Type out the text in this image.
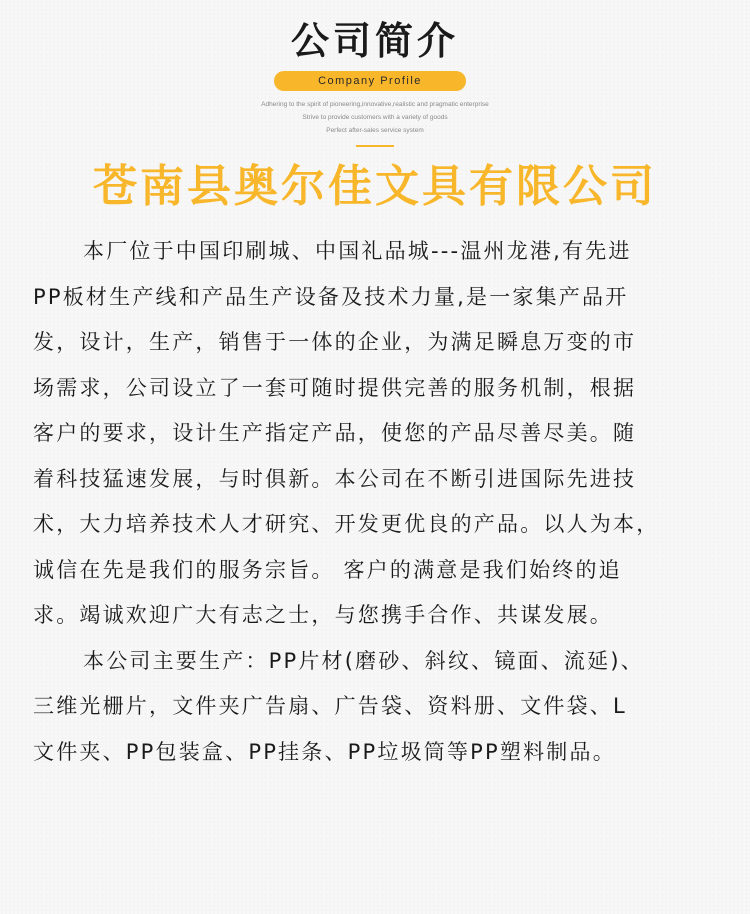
公司简介
Company Profile
Adhering to the spirit of pioneering,innovative,realistic and pragmatic enterprise
Strive to provide customers with a variety of goods
Perfect after-sales service system
苍南县奥尔佳文具有限公司
本厂位于中国印刷城、中国礼品城---温州龙港,有先进
PP板材生产线和产品生产设备及技术力量,是一家集产品开
发，设计，生产，销售于一体的企业，为满足瞬息万变的市
场需求，公司设立了一套可随时提供完善的服务机制，根据
客户的要求，设计生产指定产品，使您的产品尽善尽美。随
着科技猛速发展，与时俱新。本公司在不断引进国际先进技
术，大力培养技术人才研究、开发更优良的产品。以人为本，
诚信在先是我们的服务宗旨。 客户的满意是我们始终的追
求。竭诚欢迎广大有志之士，与您携手合作、共谋发展。
本公司主要生产：PP片材(磨砂、斜纹、镜面、流延)、
三维光栅片，文件夹广告扇、广告袋、资料册、文件袋、L
文件夹、PP包装盒、PP挂条、PP垃圾筒等PP塑料制品。
